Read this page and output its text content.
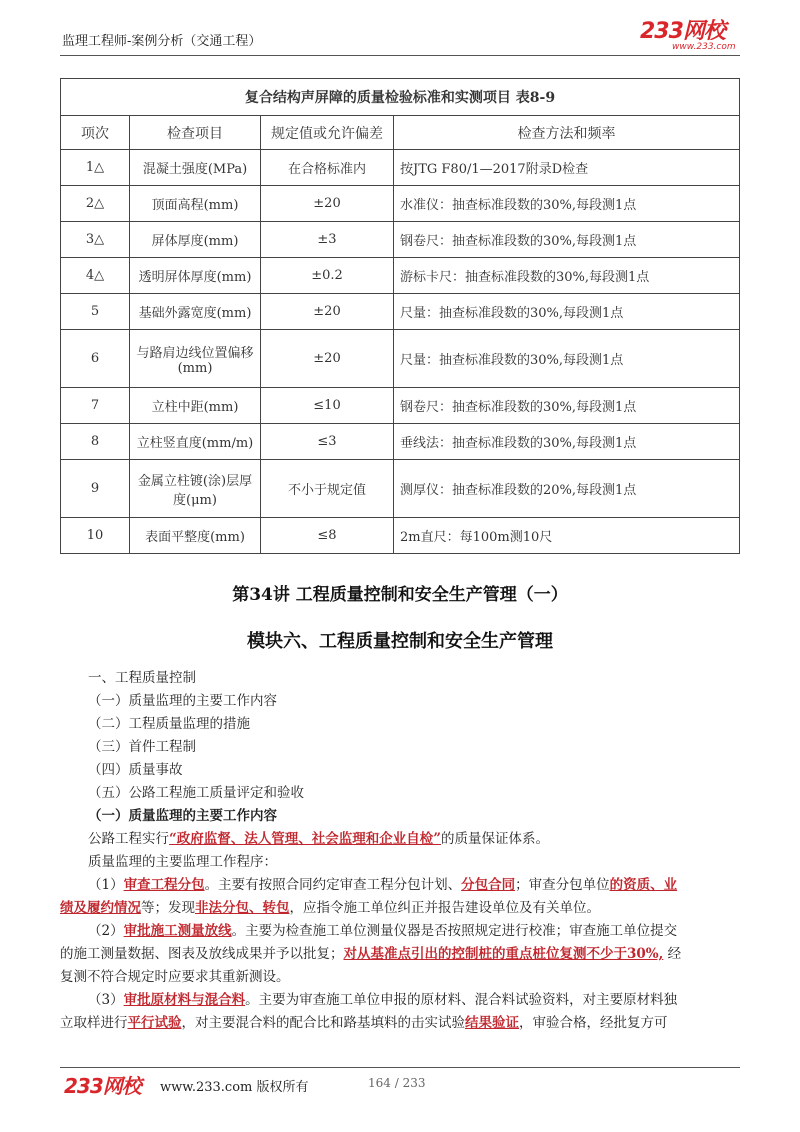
监理工程师-案例分析（交通工程）	233网校
www.233.com
复合结构声屏障的质量检验标准和实测项目 表8-9			
项次	检查项目	规定值或允许偏差	检查方法和频率
1△	混凝土强度(MPa)	在合格标准内	按JTG F80/1—2017附录D检查
2△	顶面高程(mm)	±20	水准仪：抽查标准段数的30%,每段测1点
3△	屏体厚度(mm)	±3	钢卷尺：抽查标准段数的30%,每段测1点
4△	透明屏体厚度(mm)	±0.2	游标卡尺：抽查标准段数的30%,每段测1点
5	基础外露宽度(mm)	±20	尺量：抽查标准段数的30%,每段测1点
6	与路肩边线位置偏移(mm)	±20	尺量：抽查标准段数的30%,每段测1点
7	立柱中距(mm)	≤10	钢卷尺：抽查标准段数的30%,每段测1点
8	立柱竖直度(mm/m)	≤3	垂线法：抽查标准段数的30%,每段测1点
9	金属立柱镀(涂)层厚度(μm)	不小于规定值	测厚仪：抽查标准段数的20%,每段测1点
10	表面平整度(mm)	≤8	2m直尺：每100m测10尺
第34讲 工程质量控制和安全生产管理（一）
模块六、工程质量控制和安全生产管理
一、工程质量控制
（一）质量监理的主要工作内容
（二）工程质量监理的措施
（三）首件工程制
（四）质量事故
（五）公路工程施工质量评定和验收
（一）质量监理的主要工作内容
公路工程实行“政府监督、法人管理、社会监理和企业自检”的质量保证体系。
质量监理的主要监理工作程序：
（1）审查工程分包。主要有按照合同约定审查工程分包计划、分包合同；审查分包单位的资质、业
绩及履约情况等；发现非法分包、转包，应指令施工单位纠正并报告建设单位及有关单位。
（2）审批施工测量放线。主要为检查施工单位测量仪器是否按照规定进行校准；审查施工单位提交
的施工测量数据、图表及放线成果并予以批复；对从基准点引出的控制桩的重点桩位复测不少于30%, 经
复测不符合规定时应要求其重新测设。
（3）审批原材料与混合料。主要为审查施工单位申报的原材料、混合料试验资料，对主要原材料独
立取样进行平行试验，对主要混合料的配合比和路基填料的击实试验结果验证，审验合格，经批复方可
233网校 www.233.com 版权所有	164 / 233
